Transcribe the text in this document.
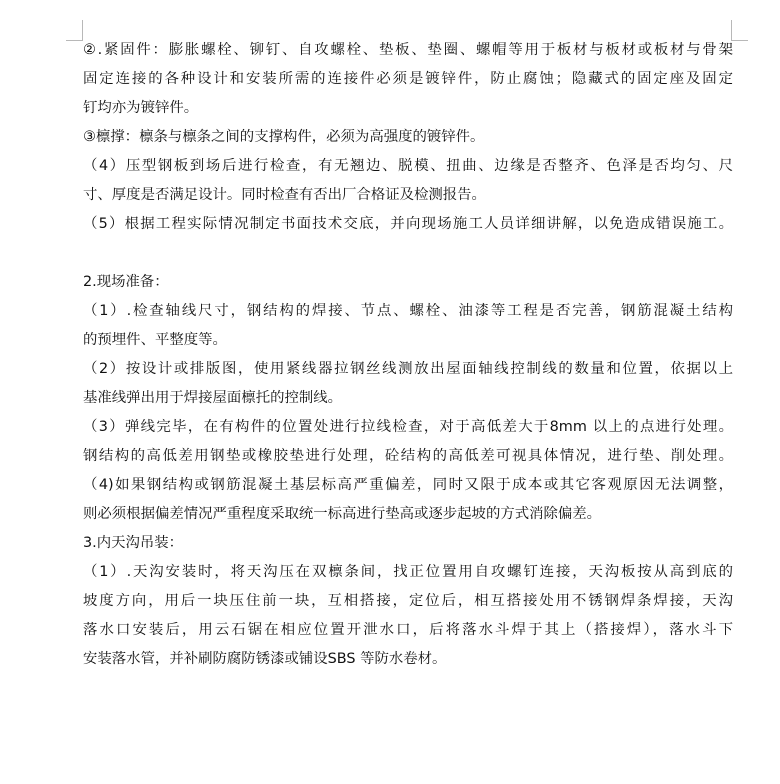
②.紧固件：膨胀螺栓、铆钉、自攻螺栓、垫板、垫圈、螺帽等用于板材与板材或板材与骨架
固定连接的各种设计和安装所需的连接件必须是镀锌件，防止腐蚀；隐藏式的固定座及固定
钉均亦为镀锌件。
③檩撑：檩条与檩条之间的支撑构件，必须为高强度的镀锌件。
（4）压型钢板到场后进行检查，有无翘边、脱模、扭曲、边缘是否整齐、色泽是否均匀、尺
寸、厚度是否满足设计。同时检查有否出厂合格证及检测报告。
（5）根据工程实际情况制定书面技术交底，并向现场施工人员详细讲解，以免造成错误施工。
2.现场准备：
（1）.检查轴线尺寸，钢结构的焊接、节点、螺栓、油漆等工程是否完善，钢筋混凝土结构
的预埋件、平整度等。
（2）按设计或排版图，使用紧线器拉钢丝线测放出屋面轴线控制线的数量和位置，依据以上
基准线弹出用于焊接屋面檩托的控制线。
（3）弹线完毕，在有构件的位置处进行拉线检查，对于高低差大于8mm 以上的点进行处理。
钢结构的高低差用钢垫或橡胶垫进行处理，砼结构的高低差可视具体情况，进行垫、削处理。
（4)如果钢结构或钢筋混凝土基层标高严重偏差，同时又限于成本或其它客观原因无法调整，
则必须根据偏差情况严重程度采取统一标高进行垫高或逐步起坡的方式消除偏差。
3.内天沟吊装：
（1）.天沟安装时，将天沟压在双檩条间，找正位置用自攻螺钉连接，天沟板按从高到底的
坡度方向，用后一块压住前一块，互相搭接，定位后，相互搭接处用不锈钢焊条焊接，天沟
落水口安装后，用云石锯在相应位置开泄水口，后将落水斗焊于其上（搭接焊），落水斗下
安装落水管，并补刷防腐防锈漆或铺设SBS 等防水卷材。
